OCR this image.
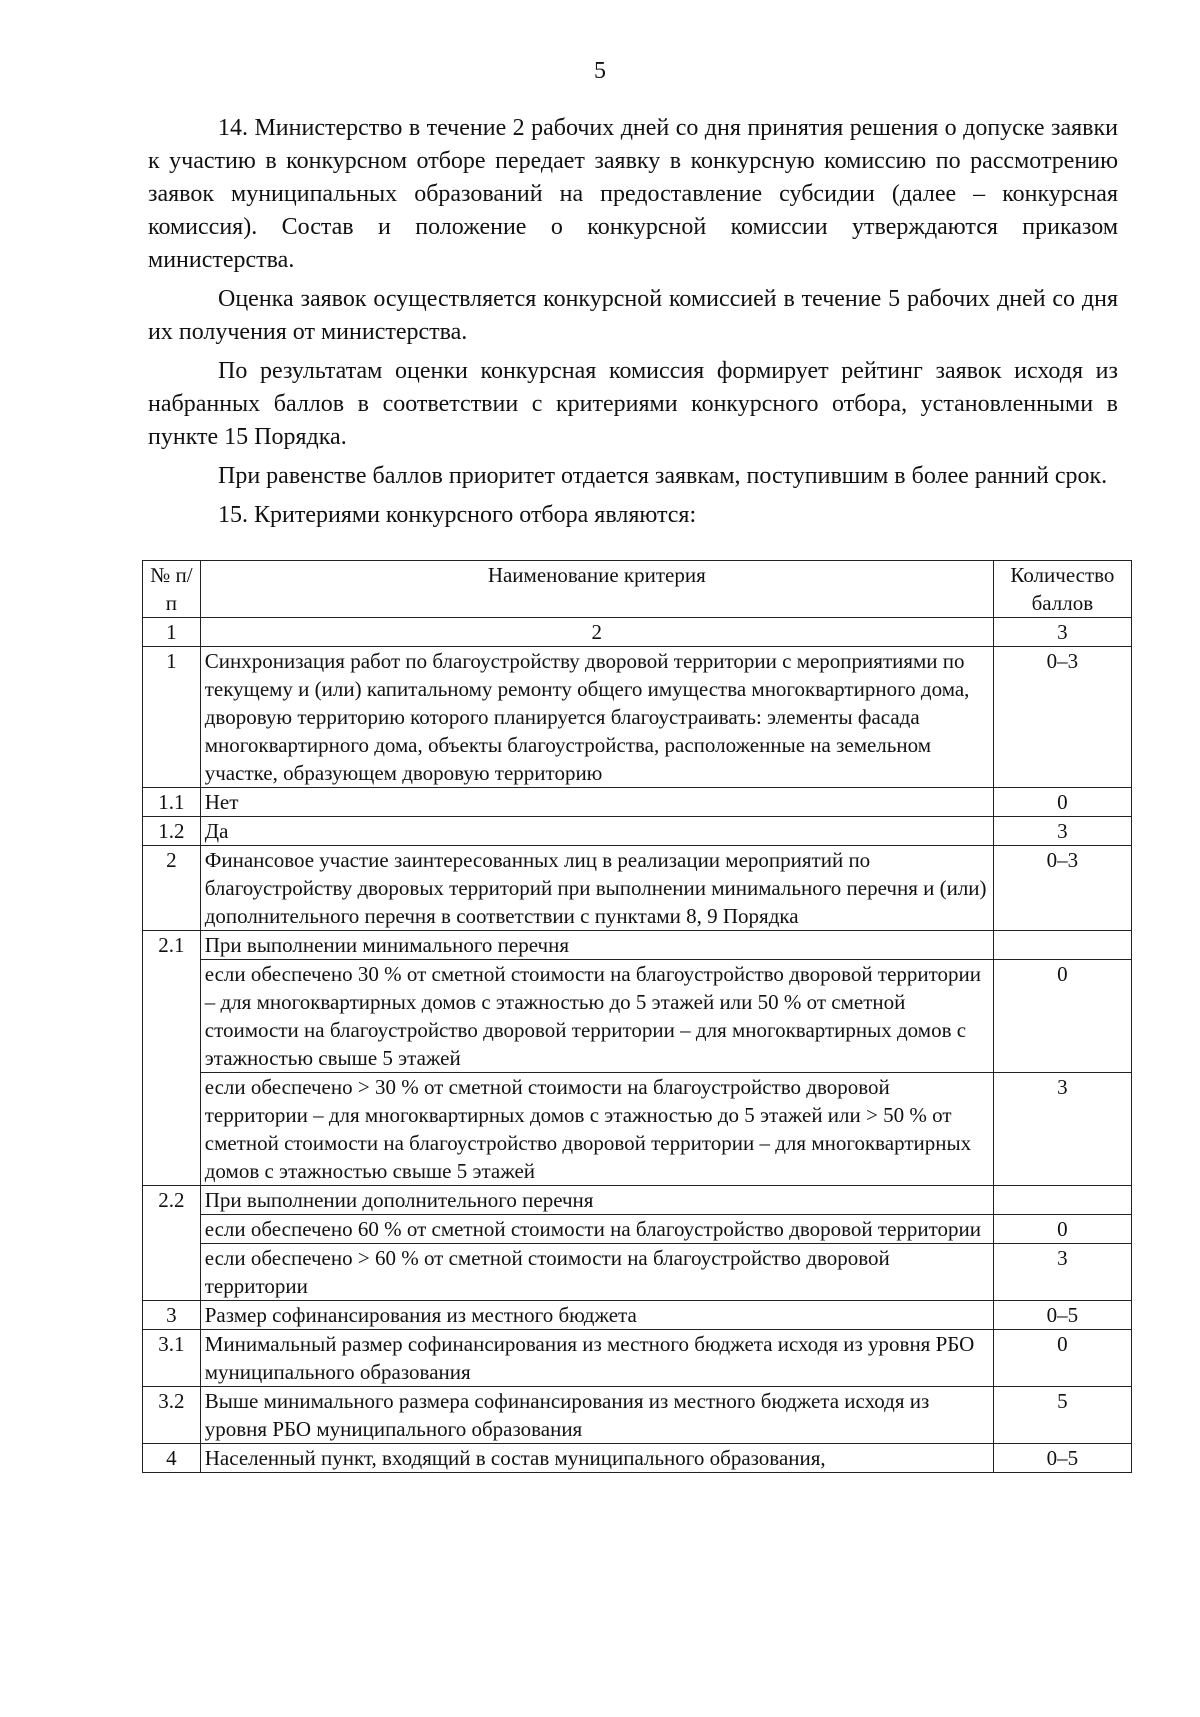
5

14. Министерство в течение 2 рабочих дней со дня принятия решения о допуске заявки к участию в конкурсном отборе передает заявку в конкурсную комиссию по рассмотрению заявок муниципальных образований на предоставление субсидии (далее – конкурсная комиссия). Состав и положение о конкурсной комиссии утверждаются приказом министерства.

Оценка заявок осуществляется конкурсной комиссией в течение 5 рабочих дней со дня их получения от министерства.

По результатам оценки конкурсная комиссия формирует рейтинг заявок исходя из набранных баллов в соответствии с критериями конкурсного отбора, установленными в пункте 15 Порядка.

При равенстве баллов приоритет отдается заявкам, поступившим в более ранний срок.

15. Критериями конкурсного отбора являются:

№ п/п	Наименование критерия	Количество баллов
1	2	3
1	Синхронизация работ по благоустройству дворовой территории с мероприятиями по текущему и (или) капитальному ремонту общего имущества многоквартирного дома, дворовую территорию которого планируется благоустраивать: элементы фасада многоквартирного дома, объекты благоустройства, расположенные на земельном участке, образующем дворовую территорию	0–3
1.1	Нет	0
1.2	Да	3
2	Финансовое участие заинтересованных лиц в реализации мероприятий по благоустройству дворовых территорий при выполнении минимального перечня и (или) дополнительного перечня в соответствии с пунктами 8, 9 Порядка	0–3
2.1	При выполнении минимального перечня	
	если обеспечено 30 % от сметной стоимости на благоустройство дворовой территории – для многоквартирных домов с этажностью до 5 этажей или 50 % от сметной стоимости на благоустройство дворовой территории – для многоквартирных домов с этажностью свыше 5 этажей	0
	если обеспечено > 30 % от сметной стоимости на благоустройство дворовой территории – для многоквартирных домов с этажностью до 5 этажей или > 50 % от сметной стоимости на благоустройство дворовой территории – для многоквартирных домов с этажностью свыше 5 этажей	3
2.2	При выполнении дополнительного перечня	
	если обеспечено 60 % от сметной стоимости на благоустройство дворовой территории	0
	если обеспечено > 60 % от сметной стоимости на благоустройство дворовой территории	3
3	Размер софинансирования из местного бюджета	0–5
3.1	Минимальный размер софинансирования из местного бюджета исходя из уровня РБО муниципального образования	0
3.2	Выше минимального размера софинансирования из местного бюджета исходя из уровня РБО муниципального образования	5
4	Населенный пункт, входящий в состав муниципального образования,	0–5
